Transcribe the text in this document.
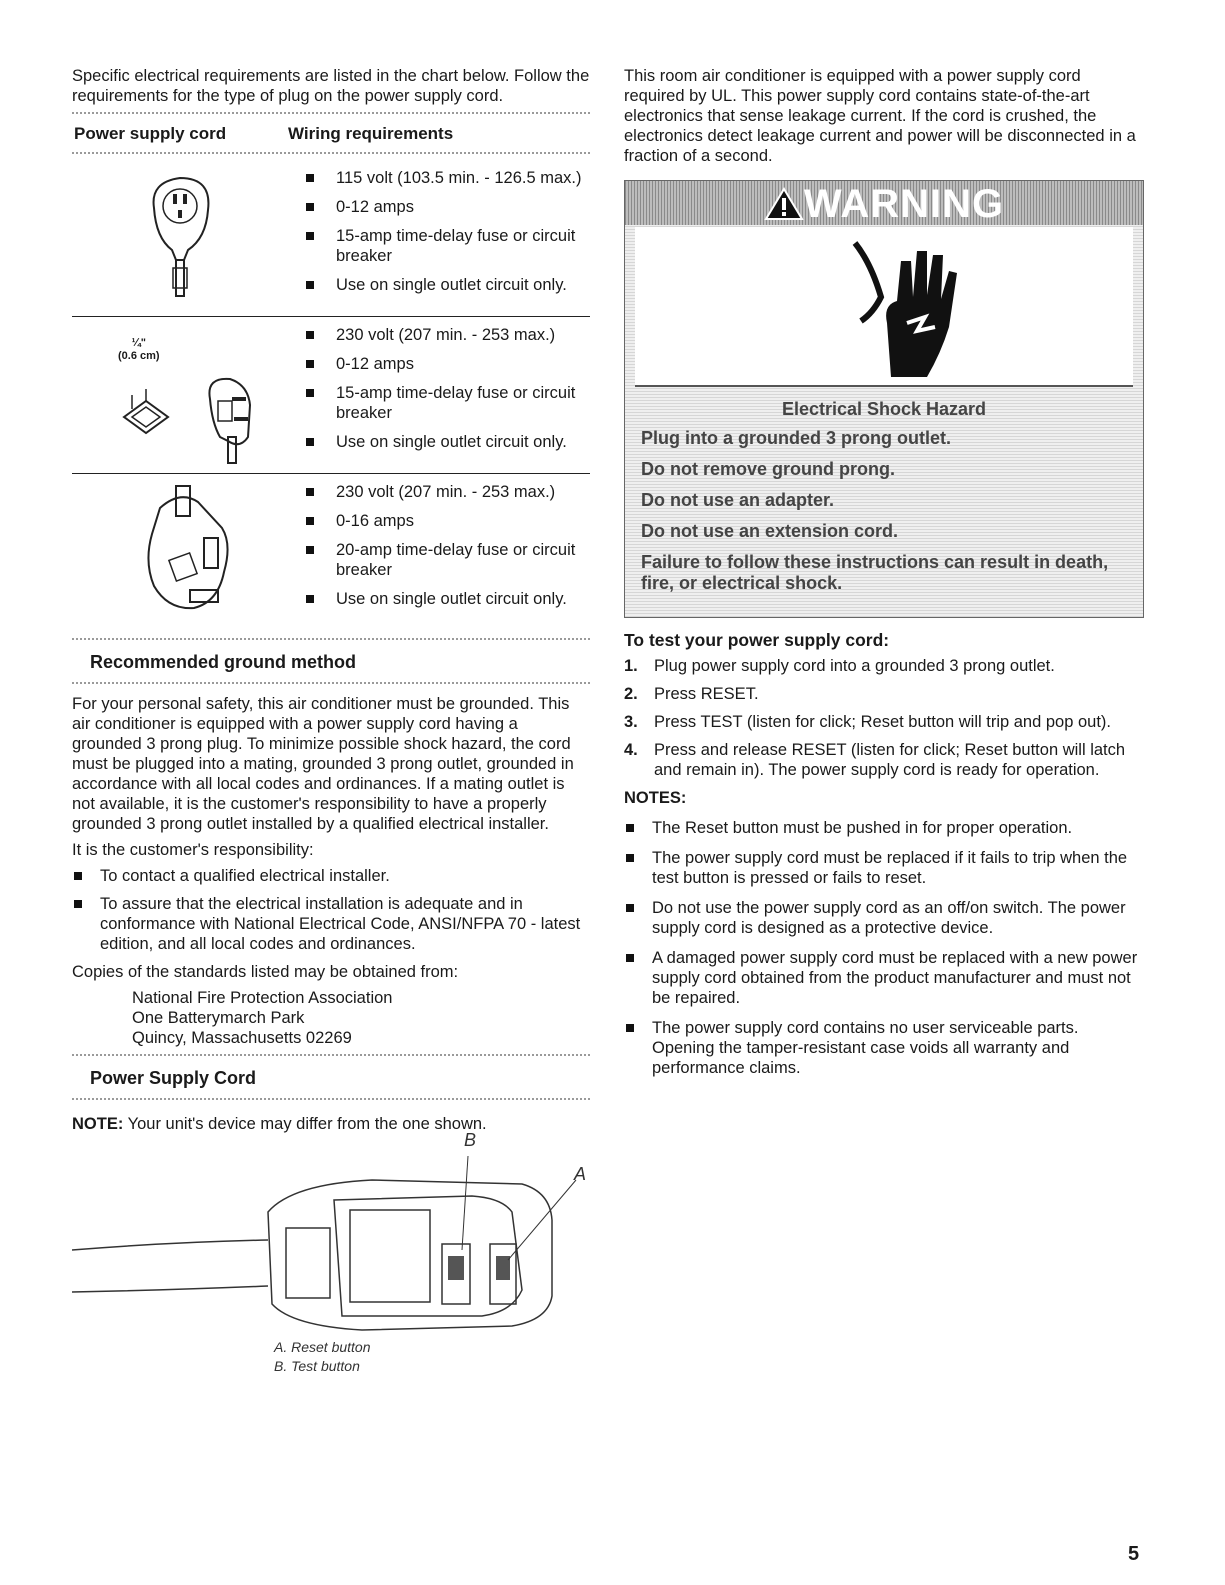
Specific electrical requirements are listed in the chart below. Follow the requirements for the type of plug on the power supply cord.

Power supply cord	Wiring requirements
115 volt (103.5 min. - 126.5 max.)
0-12 amps
15-amp time-delay fuse or circuit breaker
Use on single outlet circuit only.
¼"
(0.6 cm)
230 volt (207 min. - 253 max.)
0-12 amps
15-amp time-delay fuse or circuit breaker
Use on single outlet circuit only.
230 volt (207 min. - 253 max.)
0-16 amps
20-amp time-delay fuse or circuit breaker
Use on single outlet circuit only.
Recommended ground method

For your personal safety, this air conditioner must be grounded. This air conditioner is equipped with a power supply cord having a grounded 3 prong plug. To minimize possible shock hazard, the cord must be plugged into a mating, grounded 3 prong outlet, grounded in accordance with all local codes and ordinances. If a mating outlet is not available, it is the customer's responsibility to have a properly grounded 3 prong outlet installed by a qualified electrical installer.

It is the customer's responsibility:

To contact a qualified electrical installer.
To assure that the electrical installation is adequate and in conformance with National Electrical Code, ANSI/NFPA 70 - latest edition, and all local codes and ordinances.

Copies of the standards listed may be obtained from:

National Fire Protection Association
One Batterymarch Park
Quincy, Massachusetts 02269
Power Supply Cord

NOTE: Your unit's device may differ from the one shown.

TEST
B
A
A. Reset button
B. Test button

This room air conditioner is equipped with a power supply cord required by UL. This power supply cord contains state-of-the-art electronics that sense leakage current. If the cord is crushed, the electronics detect leakage current and power will be disconnected in a fraction of a second.

WARNING
Electrical Shock Hazard
Plug into a grounded 3 prong outlet.
Do not remove ground prong.
Do not use an adapter.
Do not use an extension cord.
Failure to follow these instructions can result in death, fire, or electrical shock.
To test your power supply cord:
1. Plug power supply cord into a grounded 3 prong outlet.
2. Press RESET.
3. Press TEST (listen for click; Reset button will trip and pop out).
4. Press and release RESET (listen for click; Reset button will latch and remain in). The power supply cord is ready for operation.
NOTES:
The Reset button must be pushed in for proper operation.
The power supply cord must be replaced if it fails to trip when the test button is pressed or fails to reset.
Do not use the power supply cord as an off/on switch. The power supply cord is designed as a protective device.
A damaged power supply cord must be replaced with a new power supply cord obtained from the product manufacturer and must not be repaired.
The power supply cord contains no user serviceable parts. Opening the tamper-resistant case voids all warranty and performance claims.
5
